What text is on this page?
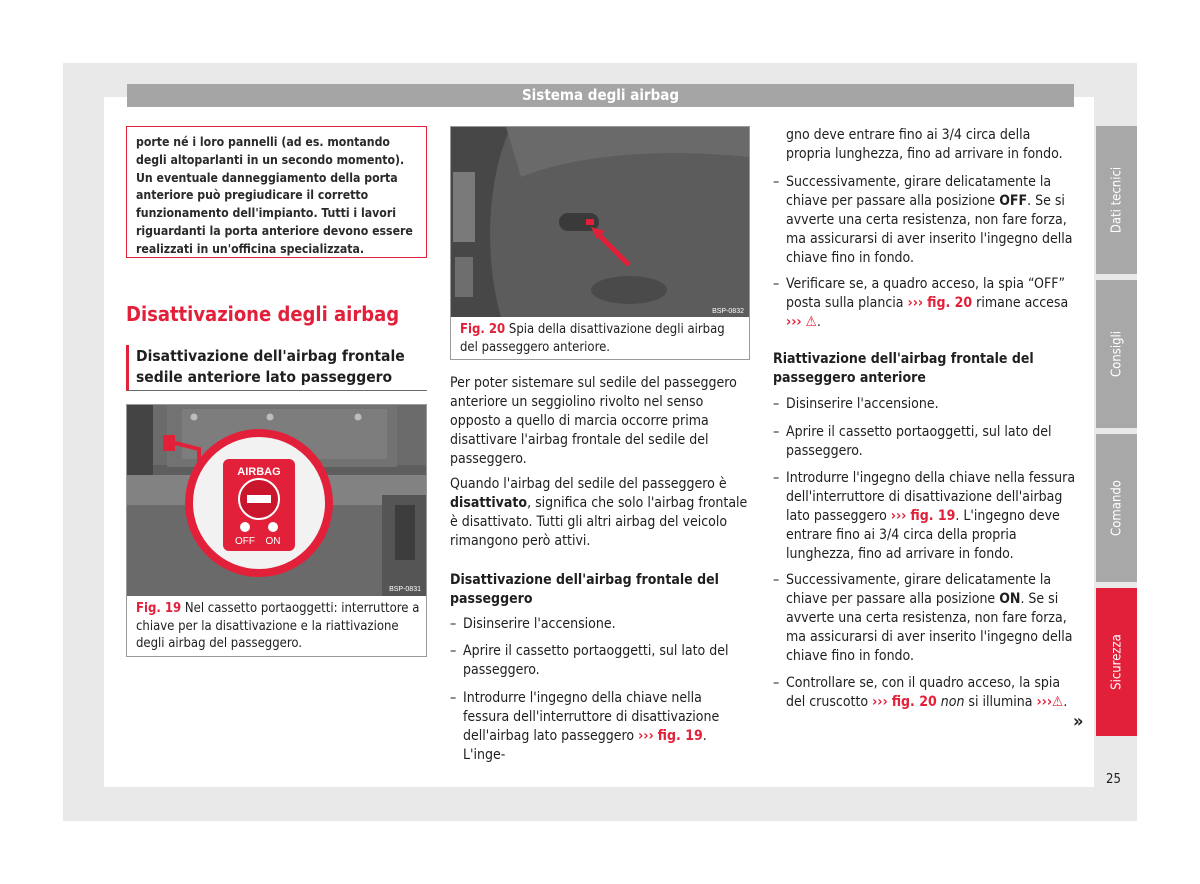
Sistema degli airbag
Dati tecnici
Consigli
Comando
Sicurezza

porte né i loro pannelli (ad es. montando degli altoparlanti in un secondo momento). Un eventuale danneggiamento della porta anteriore può pregiudicare il corretto funzionamento dell'impianto. Tutti i lavori riguardanti la porta anteriore devono essere realizzati in un'officina specializzata.

Disattivazione degli airbag

Disattivazione dell'airbag frontale sedile anteriore lato passeggero

AIRBAG
OFF ON
BSP-0831
Fig. 19 Nel cassetto portaoggetti: interruttore a chiave per la disattivazione e la riattivazione degli airbag del passeggero.
BSP-0832
Fig. 20 Spia della disattivazione degli airbag del passeggero anteriore.

Per poter sistemare sul sedile del passeggero anteriore un seggiolino rivolto nel senso opposto a quello di marcia occorre prima disattivare l'airbag frontale del sedile del passeggero.

Quando l'airbag del sedile del passeggero è disattivato, significa che solo l'airbag frontale è disattivato. Tutti gli altri airbag del veicolo rimangono però attivi.

Disattivazione dell'airbag frontale del passeggero
– Disinserire l'accensione.
– Aprire il cassetto portaoggetti, sul lato del passeggero.
– Introdurre l'ingegno della chiave nella fessura dell'interruttore di disattivazione dell'airbag lato passeggero ››› fig. 19. L'inge-

gno deve entrare fino ai 3/4 circa della propria lunghezza, fino ad arrivare in fondo.

– Successivamente, girare delicatamente la chiave per passare alla posizione OFF. Se si avverte una certa resistenza, non fare forza, ma assicurarsi di aver inserito l'ingegno della chiave fino in fondo.
– Verificare se, a quadro acceso, la spia “OFF” posta sulla plancia ››› fig. 20 rimane accesa ››› ⚠.
Riattivazione dell'airbag frontale del passeggero anteriore
– Disinserire l'accensione.
– Aprire il cassetto portaoggetti, sul lato del passeggero.
– Introdurre l'ingegno della chiave nella fessura dell'interruttore di disattivazione dell'airbag lato passeggero ››› fig. 19. L'ingegno deve entrare fino ai 3/4 circa della propria lunghezza, fino ad arrivare in fondo.
– Successivamente, girare delicatamente la chiave per passare alla posizione ON. Se si avverte una certa resistenza, non fare forza, ma assicurarsi di aver inserito l'ingegno della chiave fino in fondo.
– Controllare se, con il quadro acceso, la spia del cruscotto ››› fig. 20 non si illumina ›››⚠.
»
25
